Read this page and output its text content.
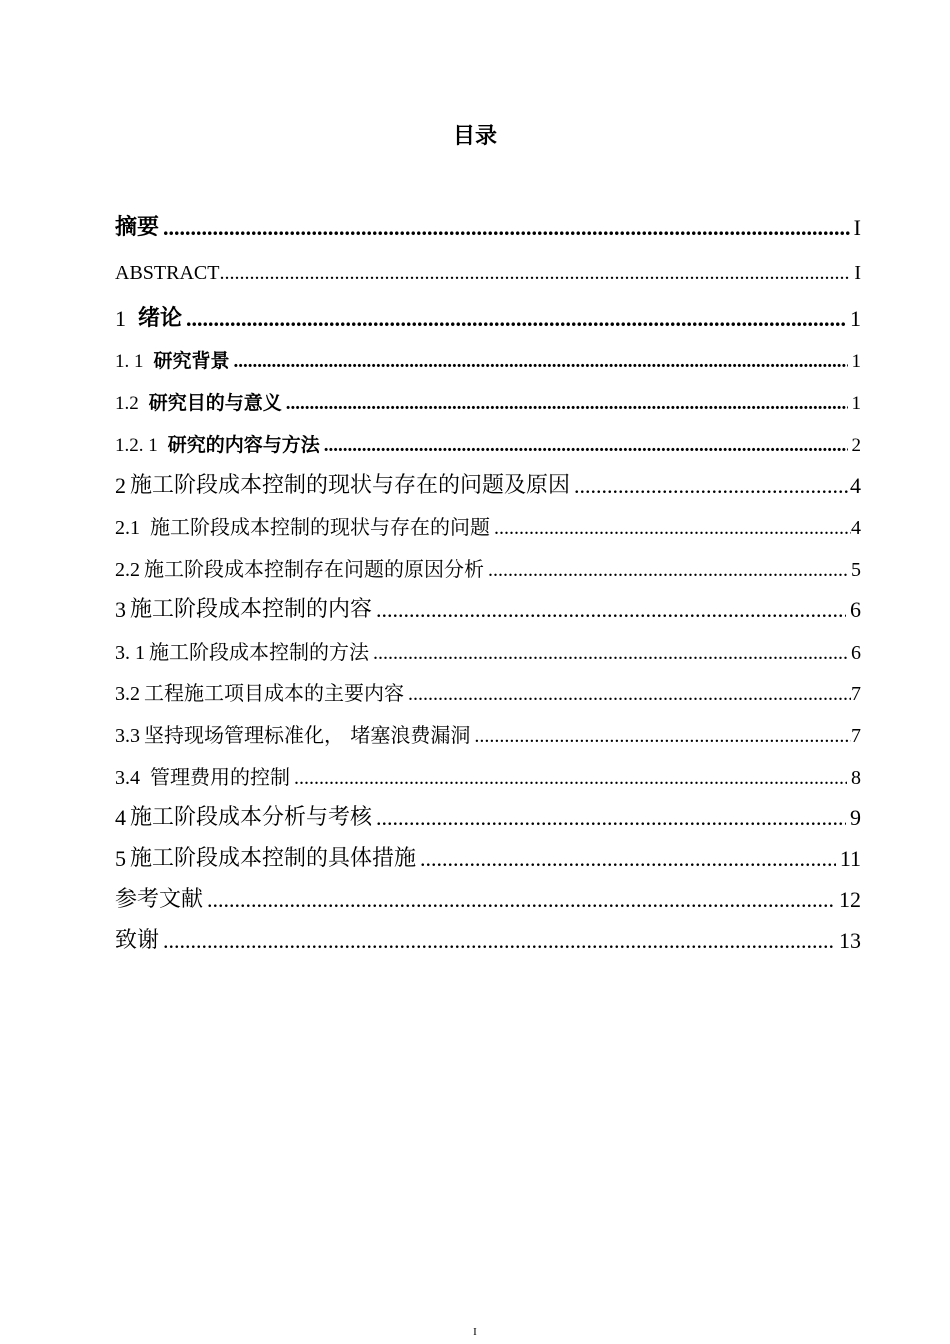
目录
摘要 .....	I
ABSTRACT .....	I
1 绪论 .....	1
1. 1 研究背景 .....	1
1.2 研究目的与意义 .....	1
1.2. 1 研究的内容与方法 .....	2
2 施工阶段成本控制的现状与存在的问题及原因 .....	4
2.1 施工阶段成本控制的现状与存在的问题 .....	4
2.2 施工阶段成本控制存在问题的原因分析 .....	5
3 施工阶段成本控制的内容 .....	6
3. 1 施工阶段成本控制的方法 .....	6
3.2 工程施工项目成本的主要内容 .....	7
3.3 坚持现场管理标准化， 堵塞浪费漏洞 .....	7
3.4 管理费用的控制 .....	8
4 施工阶段成本分析与考核 .....	9
5 施工阶段成本控制的具体措施 .....	11
参考文献 .....	12
致谢 .....	13
I
